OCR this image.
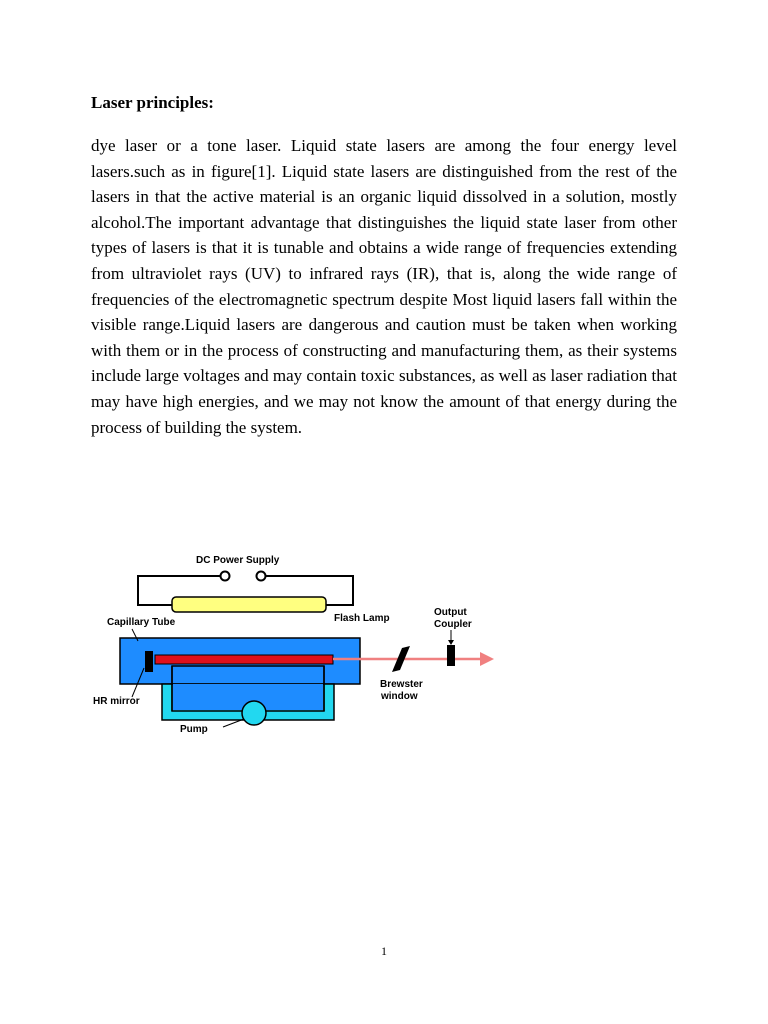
Laser principles:

dye laser or a tone laser. Liquid state lasers are among the four energy level lasers.such as in figure[1]. Liquid state lasers are distinguished from the rest of the lasers in that the active material is an organic liquid dissolved in a solution, mostly alcohol.The important advantage that distinguishes the liquid state laser from other types of lasers is that it is tunable and obtains a wide range of frequencies extending from ultraviolet rays (UV) to infrared rays (IR), that is, along the wide range of frequencies of the electromagnetic spectrum despite Most liquid lasers fall within the visible range.Liquid lasers are dangerous and caution must be taken when working with them or in the process of constructing and manufacturing them, as their systems include large voltages and may contain toxic substances, as well as laser radiation that may have high energies, and we may not know the amount of that energy during the process of building the system.

DC Power Supply
Flash Lamp
Capillary Tube
Output
Coupler
HR mirror
Brewster
window
Pump

1
